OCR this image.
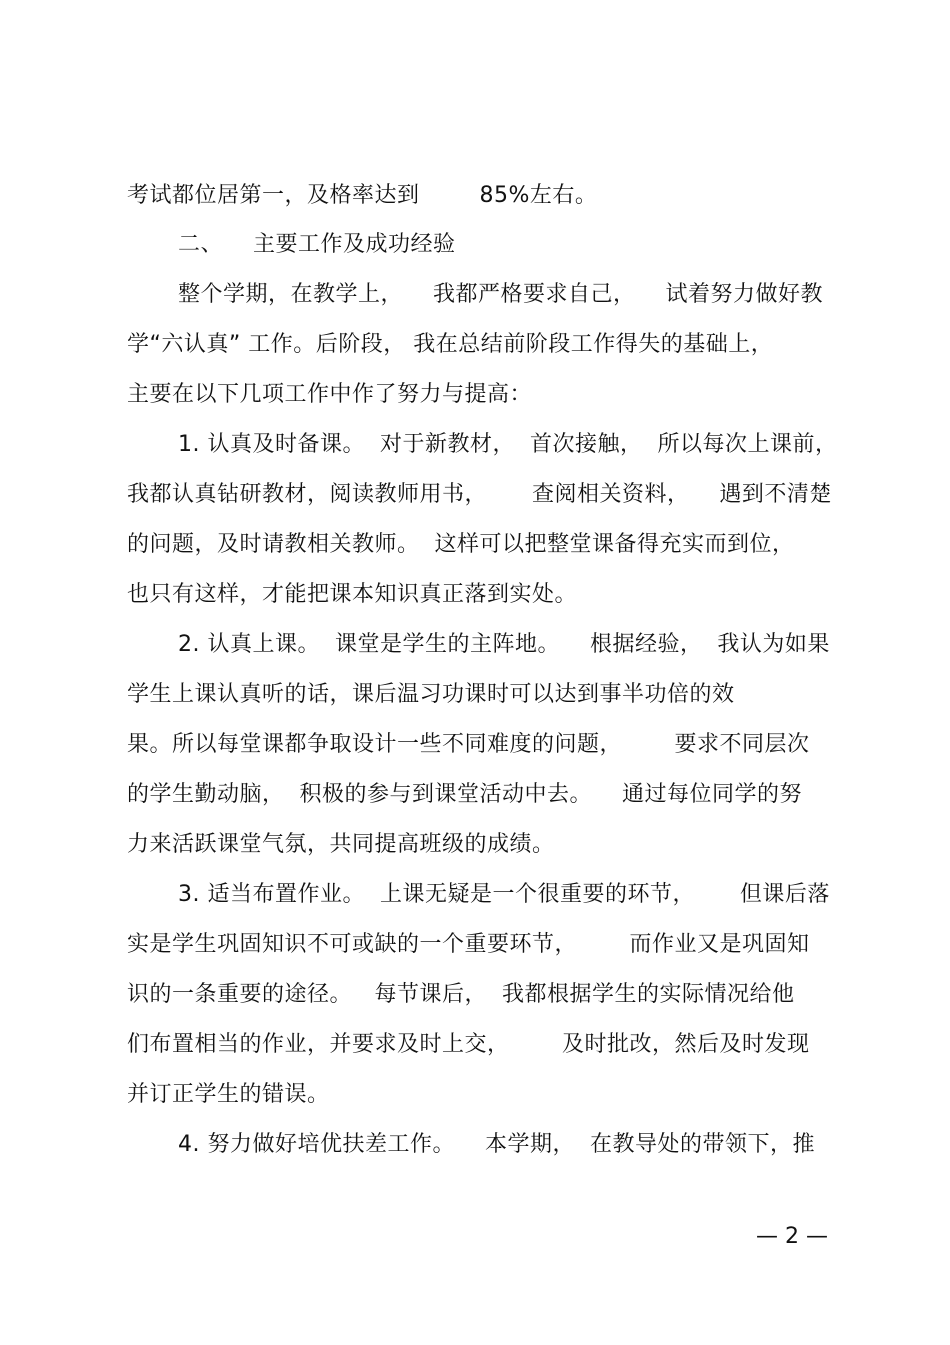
考试都位居第一，及格率达到        85%左右。
二、    主要工作及成功经验
整个学期，在教学上，    我都严格要求自己，    试着努力做好教
学“六认真” 工作。后阶段， 我在总结前阶段工作得失的基础上，
主要在以下几项工作中作了努力与提高：
1. 认真及时备课。  对于新教材，  首次接触，  所以每次上课前，
我都认真钻研教材，阅读教师用书，      查阅相关资料，    遇到不清楚
的问题，及时请教相关教师。  这样可以把整堂课备得充实而到位，
也只有这样，才能把课本知识真正落到实处。
2. 认真上课。  课堂是学生的主阵地。    根据经验，  我认为如果
学生上课认真听的话，课后温习功课时可以达到事半功倍的效
果。所以每堂课都争取设计一些不同难度的问题，       要求不同层次
的学生勤动脑，  积极的参与到课堂活动中去。    通过每位同学的努
力来活跃课堂气氛，共同提高班级的成绩。
3. 适当布置作业。  上课无疑是一个很重要的环节，      但课后落
实是学生巩固知识不可或缺的一个重要环节，       而作业又是巩固知
识的一条重要的途径。   每节课后，  我都根据学生的实际情况给他
们布置相当的作业，并要求及时上交，       及时批改，然后及时发现
并订正学生的错误。
4. 努力做好培优扶差工作。    本学期，  在教导处的带领下，推
— 2 —
